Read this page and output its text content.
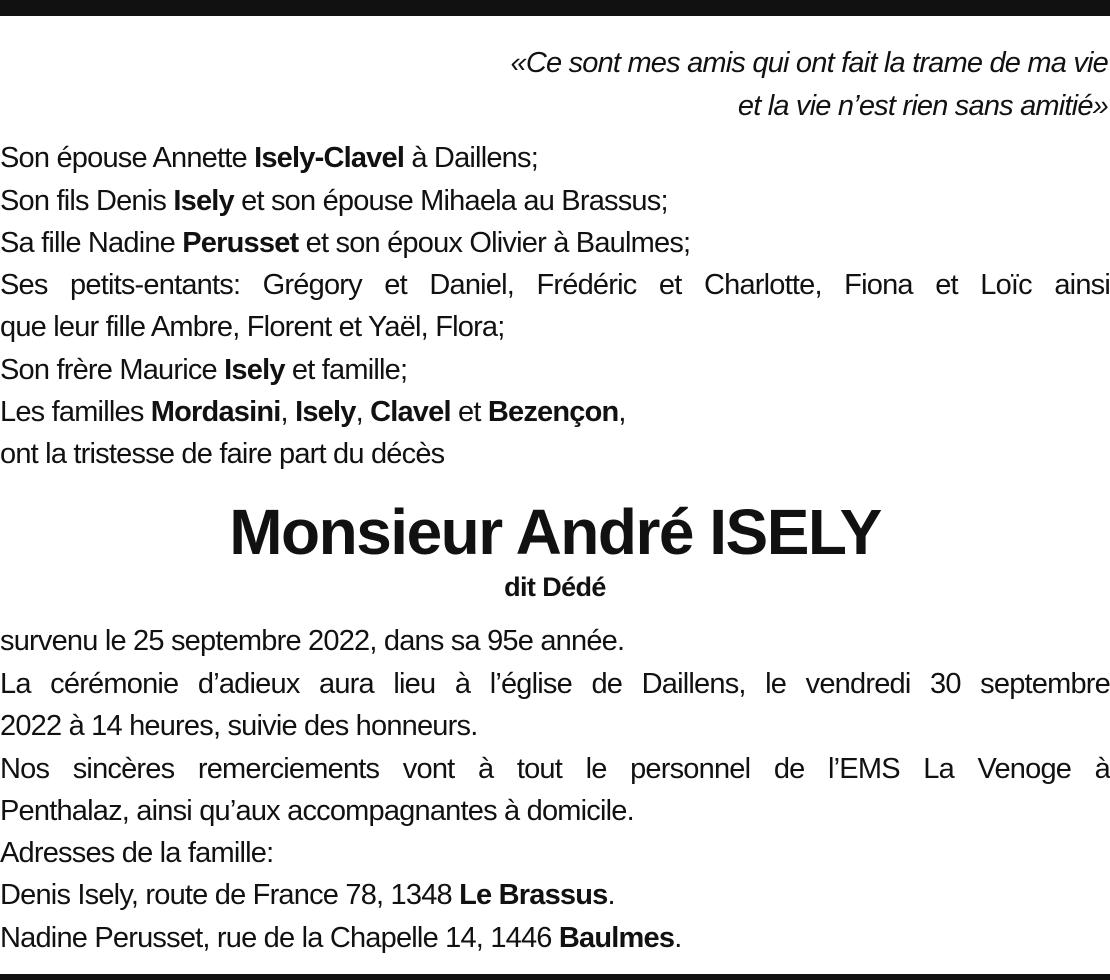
«Ce sont mes amis qui ont fait la trame de ma vie
et la vie n’est rien sans amitié»
Son épouse Annette Isely-Clavel à Daillens;
Son fils Denis Isely et son épouse Mihaela au Brassus;
Sa fille Nadine Perusset et son époux Olivier à Baulmes;
Ses petits-entants: Grégory et Daniel, Frédéric et Charlotte, Fiona et Loïc ainsi
que leur fille Ambre, Florent et Yaël, Flora;
Son frère Maurice Isely et famille;
Les familles Mordasini, Isely, Clavel et Bezençon,
ont la tristesse de faire part du décès
Monsieur André ISELY
dit Dédé
survenu le 25 septembre 2022, dans sa 95e année.
La cérémonie d’adieux aura lieu à l’église de Daillens, le vendredi 30 septembre
2022 à 14 heures, suivie des honneurs.
Nos sincères remerciements vont à tout le personnel de l’EMS La Venoge à
Penthalaz, ainsi qu’aux accompagnantes à domicile.
Adresses de la famille:
Denis Isely, route de France 78, 1348 Le Brassus.
Nadine Perusset, rue de la Chapelle 14, 1446 Baulmes.
